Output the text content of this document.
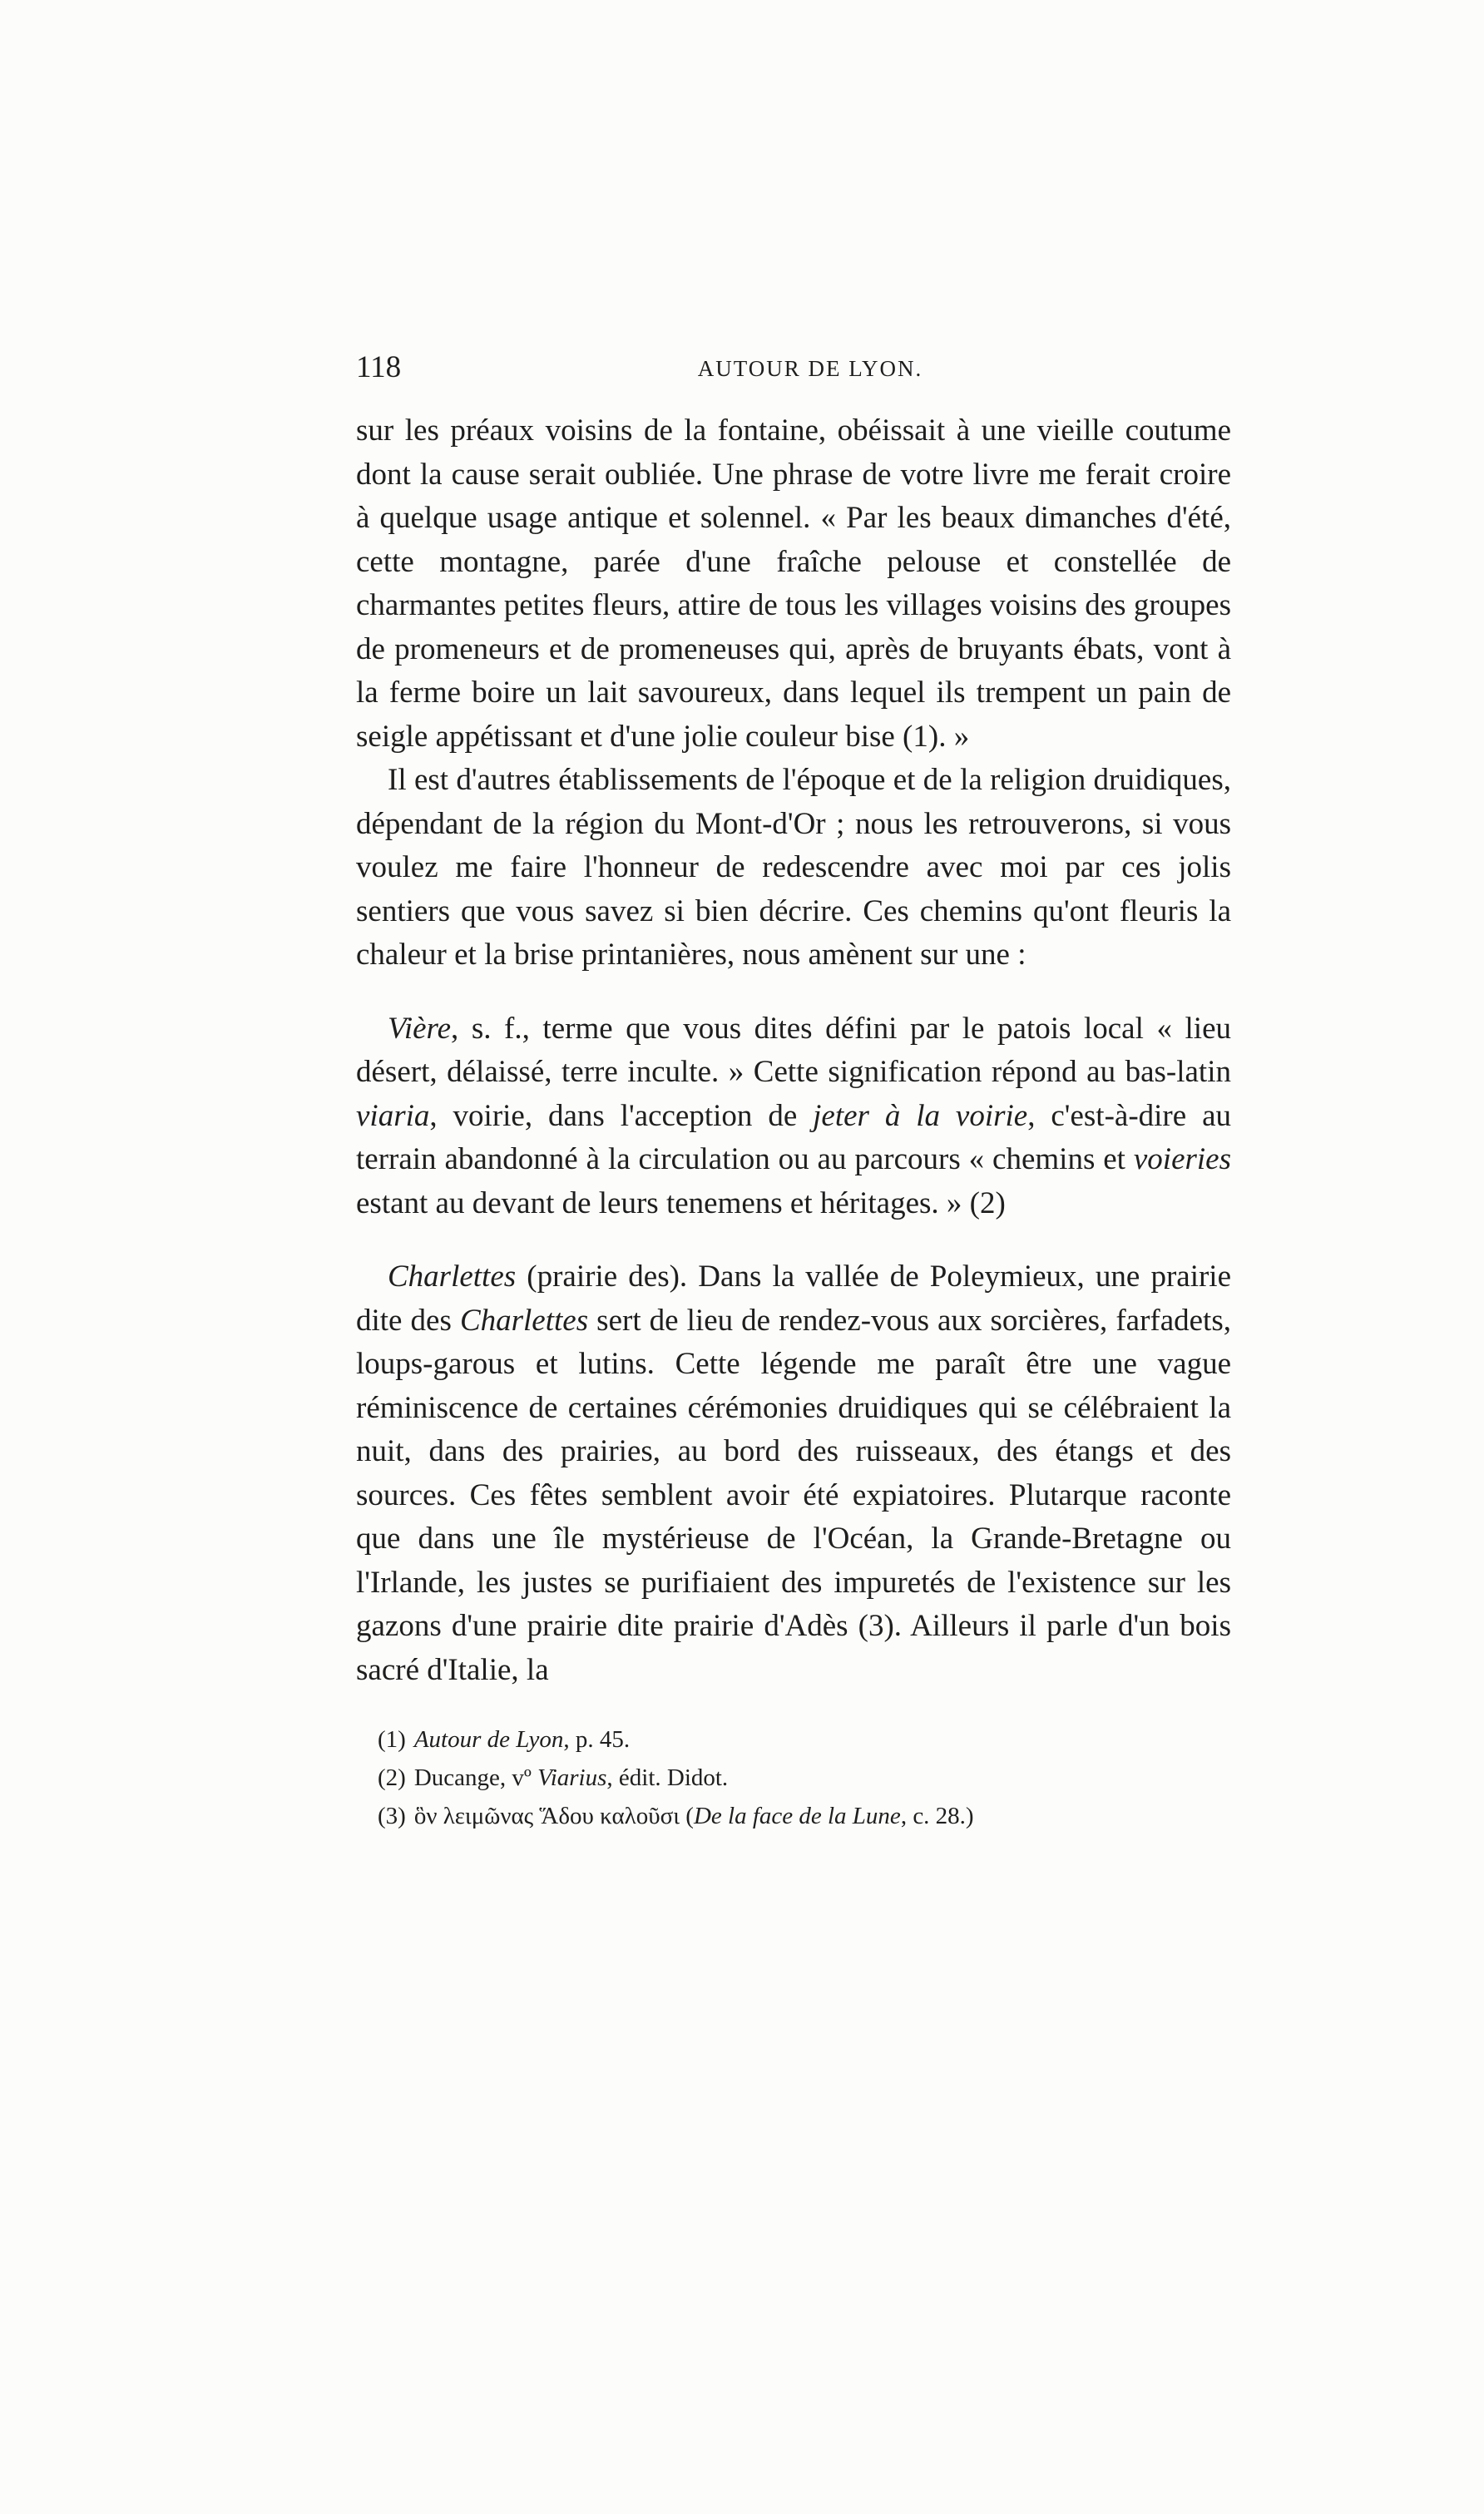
118	AUTOUR DE LYON.

sur les préaux voisins de la fontaine, obéissait à une vieille coutume dont la cause serait oubliée. Une phrase de votre livre me ferait croire à quelque usage antique et solennel. « Par les beaux dimanches d'été, cette montagne, parée d'une fraîche pelouse et constellée de charmantes petites fleurs, attire de tous les villages voisins des groupes de promeneurs et de promeneuses qui, après de bruyants ébats, vont à la ferme boire un lait savoureux, dans lequel ils trempent un pain de seigle appétissant et d'une jolie couleur bise (1). »

Il est d'autres établissements de l'époque et de la religion druidiques, dépendant de la région du Mont-d'Or ; nous les retrouverons, si vous voulez me faire l'honneur de redescendre avec moi par ces jolis sentiers que vous savez si bien décrire. Ces chemins qu'ont fleuris la chaleur et la brise printanières, nous amènent sur une :

Vière, s. f., terme que vous dites défini par le patois local « lieu désert, délaissé, terre inculte. » Cette signification répond au bas-latin viaria, voirie, dans l'acception de jeter à la voirie, c'est-à-dire au terrain abandonné à la circulation ou au parcours « chemins et voieries estant au devant de leurs tenemens et héritages. » (2)

Charlettes (prairie des). Dans la vallée de Poleymieux, une prairie dite des Charlettes sert de lieu de rendez-vous aux sorcières, farfadets, loups-garous et lutins. Cette légende me paraît être une vague réminiscence de certaines cérémonies druidiques qui se célébraient la nuit, dans des prairies, au bord des ruisseaux, des étangs et des sources. Ces fêtes semblent avoir été expiatoires. Plutarque raconte que dans une île mystérieuse de l'Océan, la Grande-Bretagne ou l'Irlande, les justes se purifiaient des impuretés de l'existence sur les gazons d'une prairie dite prairie d'Adès (3). Ailleurs il parle d'un bois sacré d'Italie, la

(1) Autour de Lyon, p. 45.

(2) Ducange, vº Viarius, édit. Didot.

(3) ὃν λειμῶνας Ἅδου καλοῦσι (De la face de la Lune, c. 28.)
